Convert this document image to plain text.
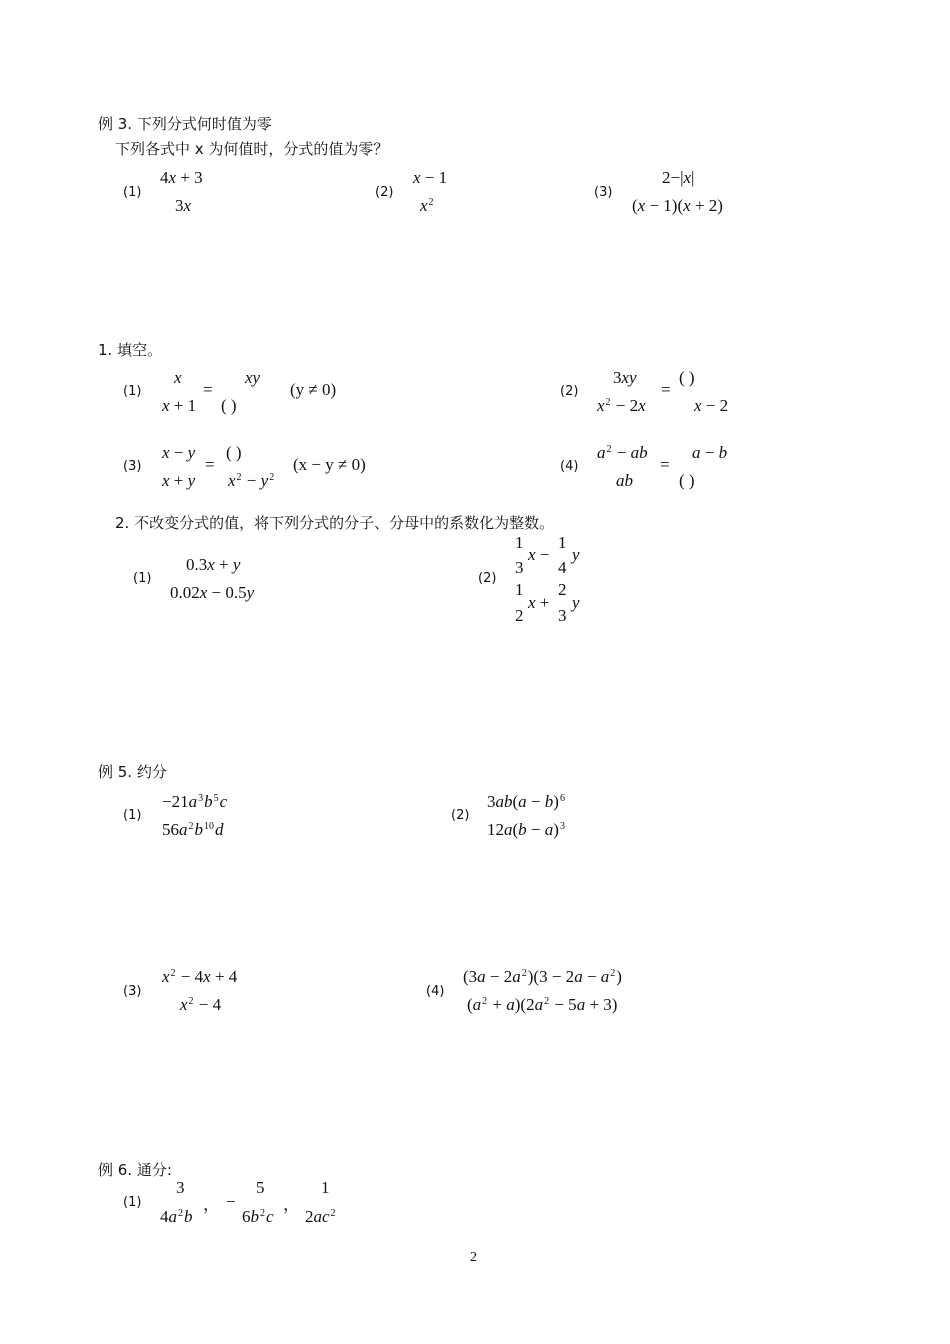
例 3. 下列分式何时值为零
下列各式中 x 为何值时，分式的值为零？
(1)
4x + 3
3x
(2)
x − 1
$x^2$
(3)
2−|x|
(x − 1)(x + 2)
1. 填空。
(1)
x
x + 1
=
xy
( )
(y ≠ 0)	(2)
3xy
$x^2 - 2x$
=
( )
x − 2
(3)
x − y
x + y
=
( )
$x^2 - y^2$
(x − y ≠ 0)	(4)
$a^2$ − ab
ab
=
a − b
( )
2. 不改变分式的值，将下列分式的分子、分母中的系数化为整数。
(1)
0.3x + y
0.02x − 0.5y
(2)
1
3
x −
1
4
y
1
2
x +
2
3
y
例 5. 约分
(1)
$-21a^3b^5c$
$56a^2b^{10}d$
(2)
$3ab(a - b)^6$
$12a(b - a)^3$
(3)
$x^2 - 4x + 4$
$x^2 - 4$
(4)
$(3a - 2a^2)(3 - 2a - a^2)$
$(a^2 + a)(2a^2 - 5a + 3)$
例 6. 通分:
(1)
3
$4a^2b$
， −
5
$6b^2c$
，
1
$2ac^2$
2
